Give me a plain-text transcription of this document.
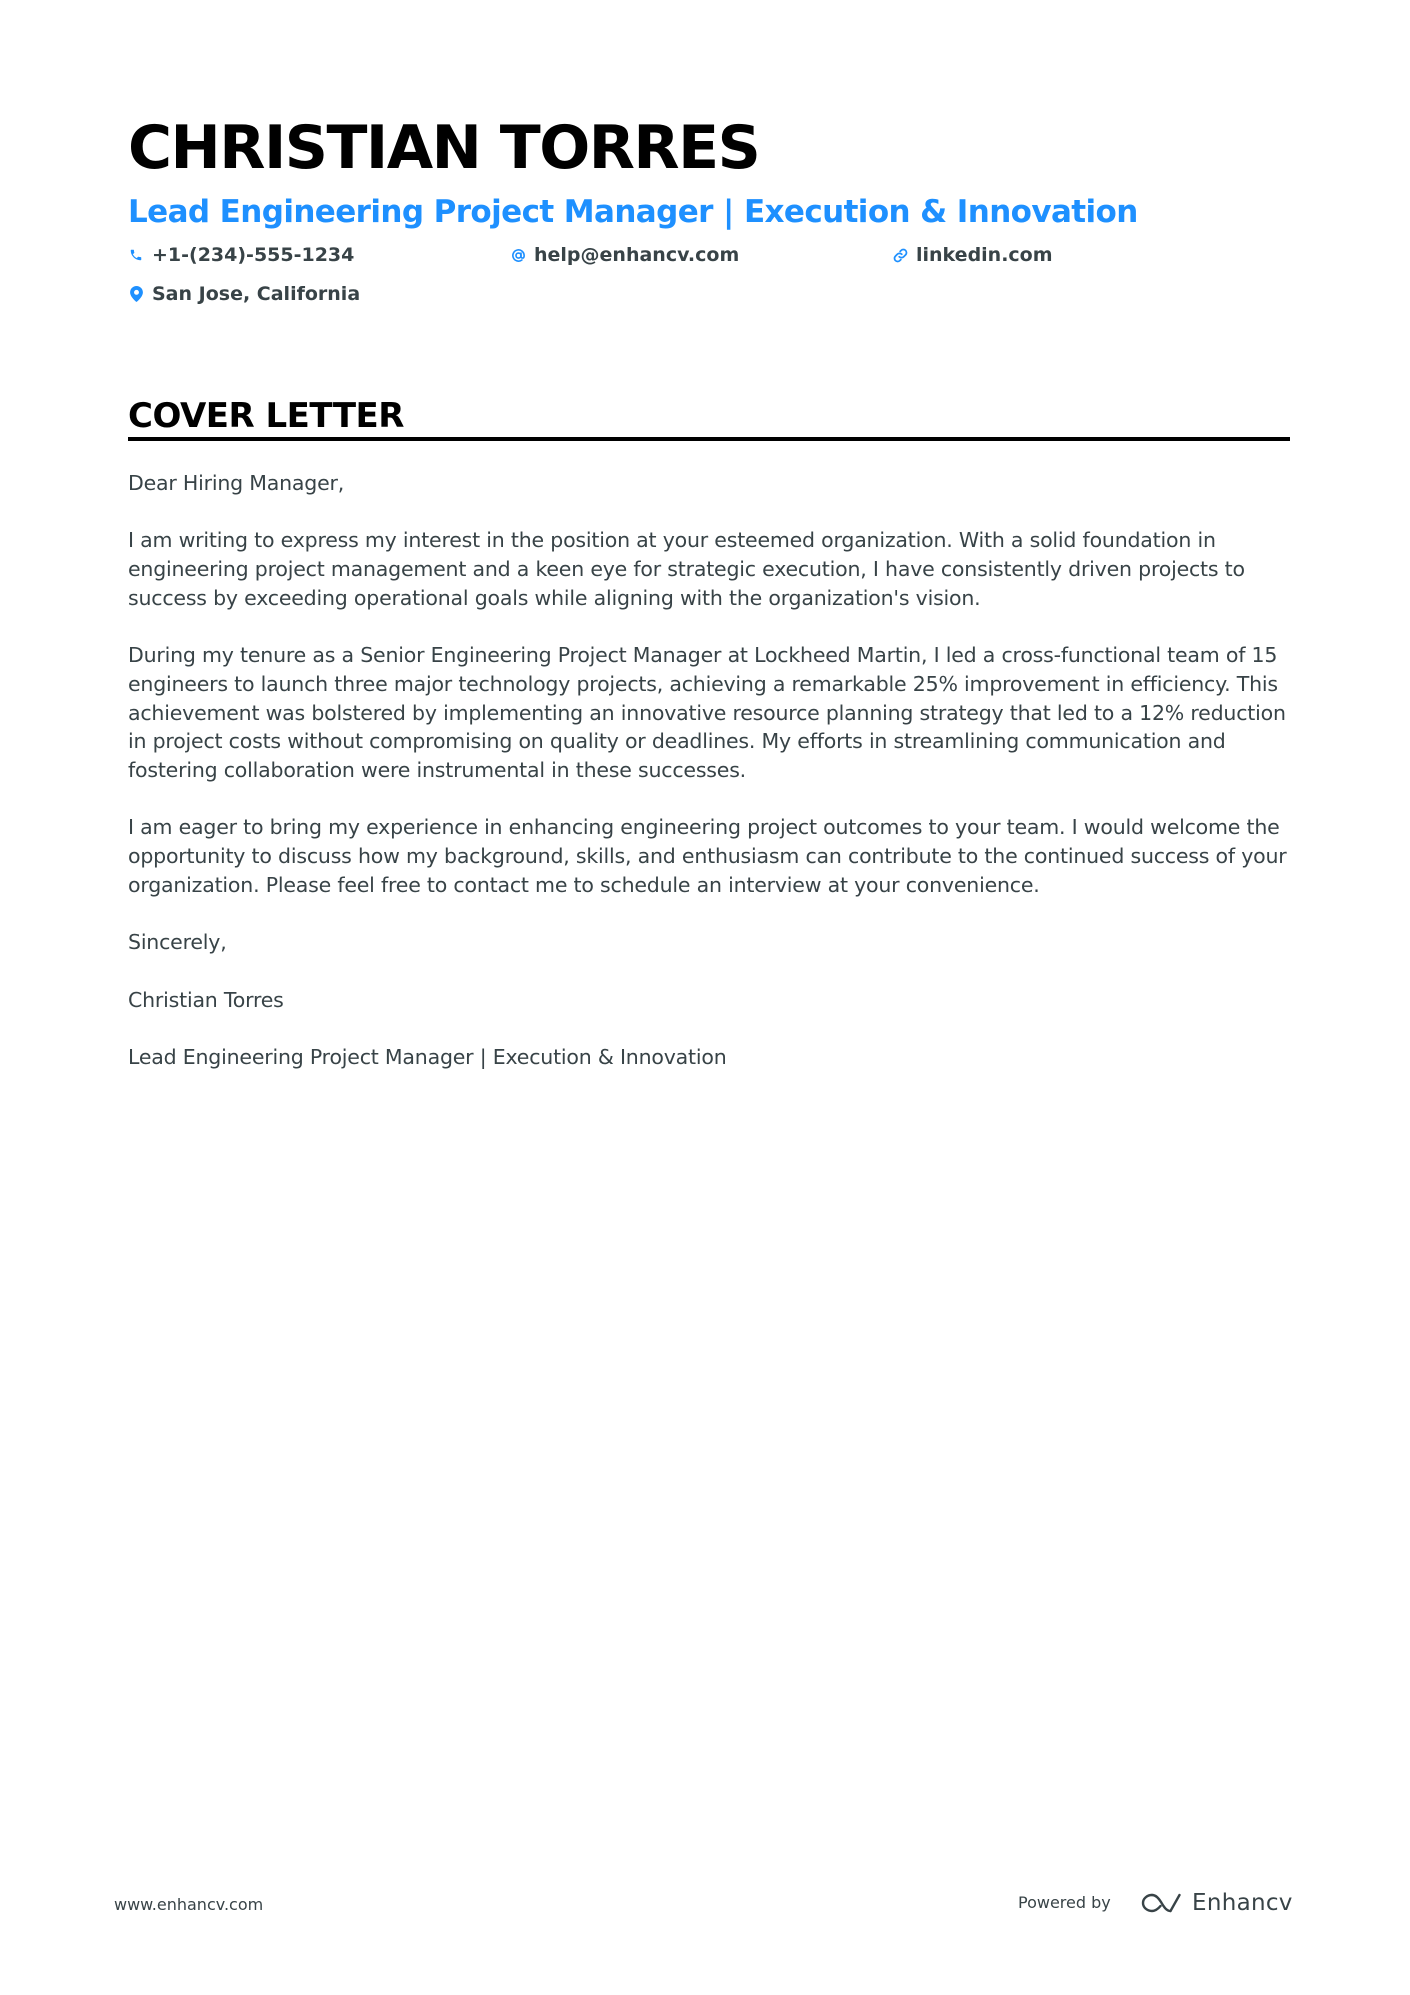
CHRISTIAN TORRES
Lead Engineering Project Manager | Execution & Innovation
+1-(234)-555-1234	help@enhancv.com	linkedin.com
San Jose, California
COVER LETTER

Dear Hiring Manager,

I am writing to express my interest in the position at your esteemed organization. With a solid foundation in engineering project management and a keen eye for strategic execution, I have consistently driven projects to success by exceeding operational goals while aligning with the organization's vision.

During my tenure as a Senior Engineering Project Manager at Lockheed Martin, I led a cross-functional team of 15 engineers to launch three major technology projects, achieving a remarkable 25% improvement in efficiency. This achievement was bolstered by implementing an innovative resource planning strategy that led to a 12% reduction in project costs without compromising on quality or deadlines. My efforts in streamlining communication and fostering collaboration were instrumental in these successes.

I am eager to bring my experience in enhancing engineering project outcomes to your team. I would welcome the opportunity to discuss how my background, skills, and enthusiasm can contribute to the continued success of your organization. Please feel free to contact me to schedule an interview at your convenience.

Sincerely,

Christian Torres

Lead Engineering Project Manager | Execution & Innovation

www.enhancv.com	Powered by	Enhancv
